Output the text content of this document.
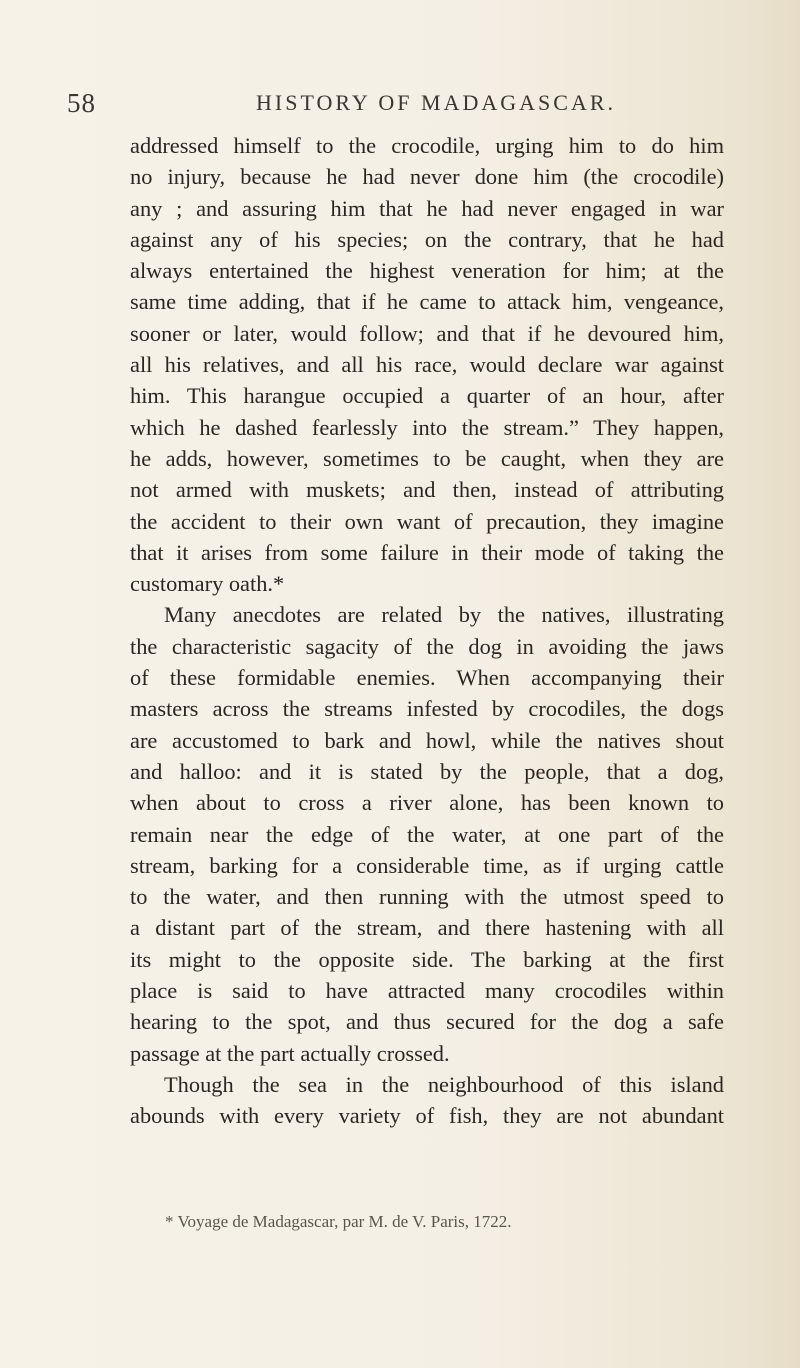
58	HISTORY OF MADAGASCAR.
addressed himself to the crocodile, urging him to do him
no injury, because he had never done him (the crocodile)
any ; and assuring him that he had never engaged in war
against any of his species; on the contrary, that he had
always entertained the highest veneration for him; at the
same time adding, that if he came to attack him, vengeance,
sooner or later, would follow; and that if he devoured him,
all his relatives, and all his race, would declare war against
him. This harangue occupied a quarter of an hour, after
which he dashed fearlessly into the stream.” They happen,
he adds, however, sometimes to be caught, when they are
not armed with muskets; and then, instead of attributing
the accident to their own want of precaution, they imagine
that it arises from some failure in their mode of taking the
customary oath.*
Many anecdotes are related by the natives, illustrating
the characteristic sagacity of the dog in avoiding the jaws
of these formidable enemies. When accompanying their
masters across the streams infested by crocodiles, the dogs
are accustomed to bark and howl, while the natives shout
and halloo: and it is stated by the people, that a dog,
when about to cross a river alone, has been known to
remain near the edge of the water, at one part of the
stream, barking for a considerable time, as if urging cattle
to the water, and then running with the utmost speed to
a distant part of the stream, and there hastening with all
its might to the opposite side. The barking at the first
place is said to have attracted many crocodiles within
hearing to the spot, and thus secured for the dog a safe
passage at the part actually crossed.
Though the sea in the neighbourhood of this island
abounds with every variety of fish, they are not abundant
* Voyage de Madagascar, par M. de V. Paris, 1722.
